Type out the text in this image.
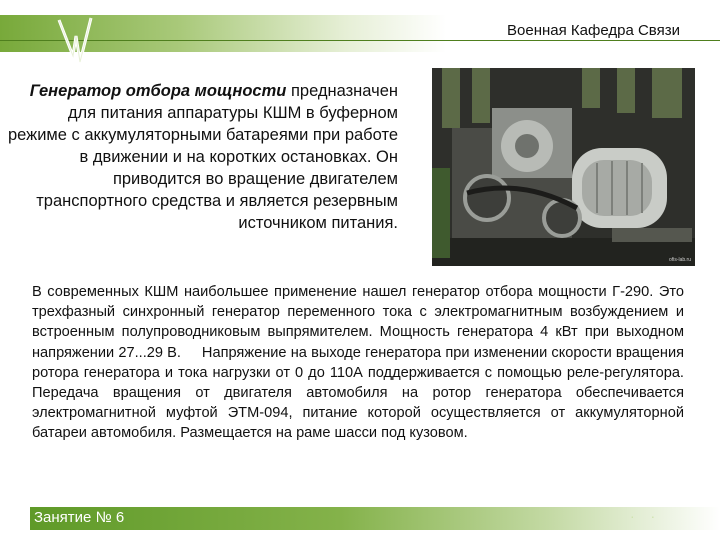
Военная Кафедра Связи
Генератор отбора мощности предназначен для питания аппаратуры КШМ в буферном режиме с аккумуляторными батареями при работе в движении и на коротких остановках. Он приводится во вращение двигателем транспортного средства и является резервным источником питания.
ofis-lab.ru
В современных КШМ наибольшее применение нашел генератор отбора мощности Г-290. Это трехфазный синхронный генератор переменного тока с электромагнитным возбуждением и встроенным полупроводниковым выпрямителем. Мощность генератора 4 кВт при выходном напряжении 27...29 В.     Напряжение на выходе генератора при изменении скорости вращения ротора генератора и тока нагрузки от 0 до 110А поддерживается с помощью реле-регулятора. Передача вращения от двигателя автомобиля на ротор генератора обеспечивается электромагнитной муфтой ЭТМ-094, питание которой осуществляется от аккумуляторной батареи автомобиля. Размещается на раме шасси под кузовом.
Занятие № 6	· ·
